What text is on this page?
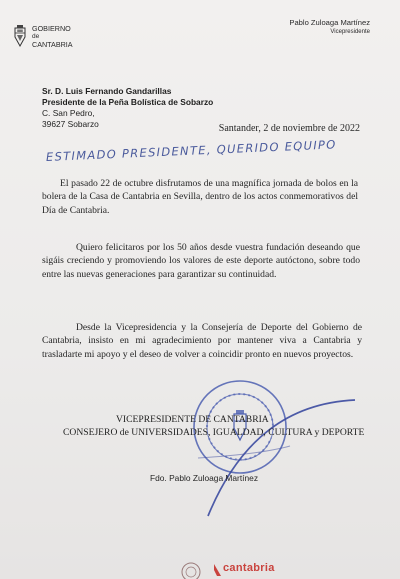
GOBIERNO
de
CANTABRIA
Pablo Zuloaga Martínez
Vicepresidente
Sr. D. Luis Fernando Gandarillas
Presidente de la Peña Bolística de Sobarzo
C. San Pedro,
39627 Sobarzo	Santander, 2 de noviembre de 2022
ESTIMADO PRESIDENTE, QUERIDO EQUIPO

El pasado 22 de octubre disfrutamos de una magnífica jornada de bolos en la bolera de la Casa de Cantabria en Sevilla, dentro de los actos conmemorativos del Día de Cantabria.

Quiero felicitaros por los 50 años desde vuestra fundación deseando que sigáis creciendo y promoviendo los valores de este deporte autóctono, sobre todo entre las nuevas generaciones para garantizar su continuidad.

Desde la Vicepresidencia y la Consejería de Deporte del Gobierno de Cantabria, insisto en mi agradecimiento por mantener viva a Cantabria y trasladarte mi apoyo y el deseo de volver a coincidir pronto en nuevos proyectos.

VICEPRESIDENTE DE CANTABRIA
CONSEJERO de UNIVERSIDADES, IGUALDAD, CULTURA y DEPORTE
Fdo. Pablo Zuloaga Martínez
cantabria
